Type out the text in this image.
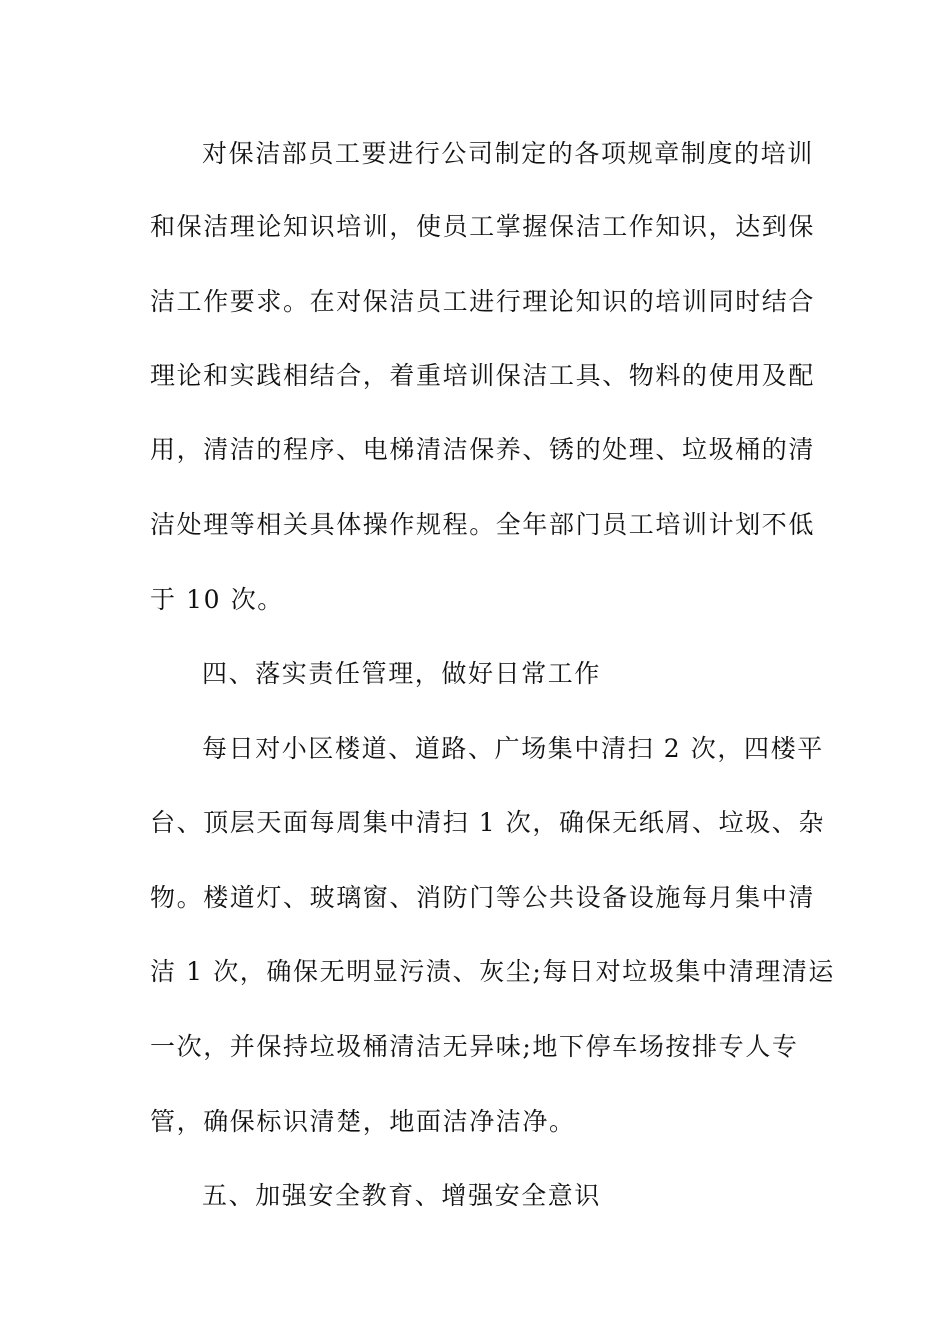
对保洁部员工要进行公司制定的各项规章制度的培训
和保洁理论知识培训，使员工掌握保洁工作知识，达到保
洁工作要求。在对保洁员工进行理论知识的培训同时结合
理论和实践相结合，着重培训保洁工具、物料的使用及配
用，清洁的程序、电梯清洁保养、锈的处理、垃圾桶的清
洁处理等相关具体操作规程。全年部门员工培训计划不低
于 10 次。
四、落实责任管理，做好日常工作
每日对小区楼道、道路、广场集中清扫 2 次，四楼平
台、顶层天面每周集中清扫 1 次，确保无纸屑、垃圾、杂
物。楼道灯、玻璃窗、消防门等公共设备设施每月集中清
洁 1 次，确保无明显污渍、灰尘;每日对垃圾集中清理清运
一次，并保持垃圾桶清洁无异味;地下停车场按排专人专
管，确保标识清楚，地面洁净洁净。
五、加强安全教育、增强安全意识
